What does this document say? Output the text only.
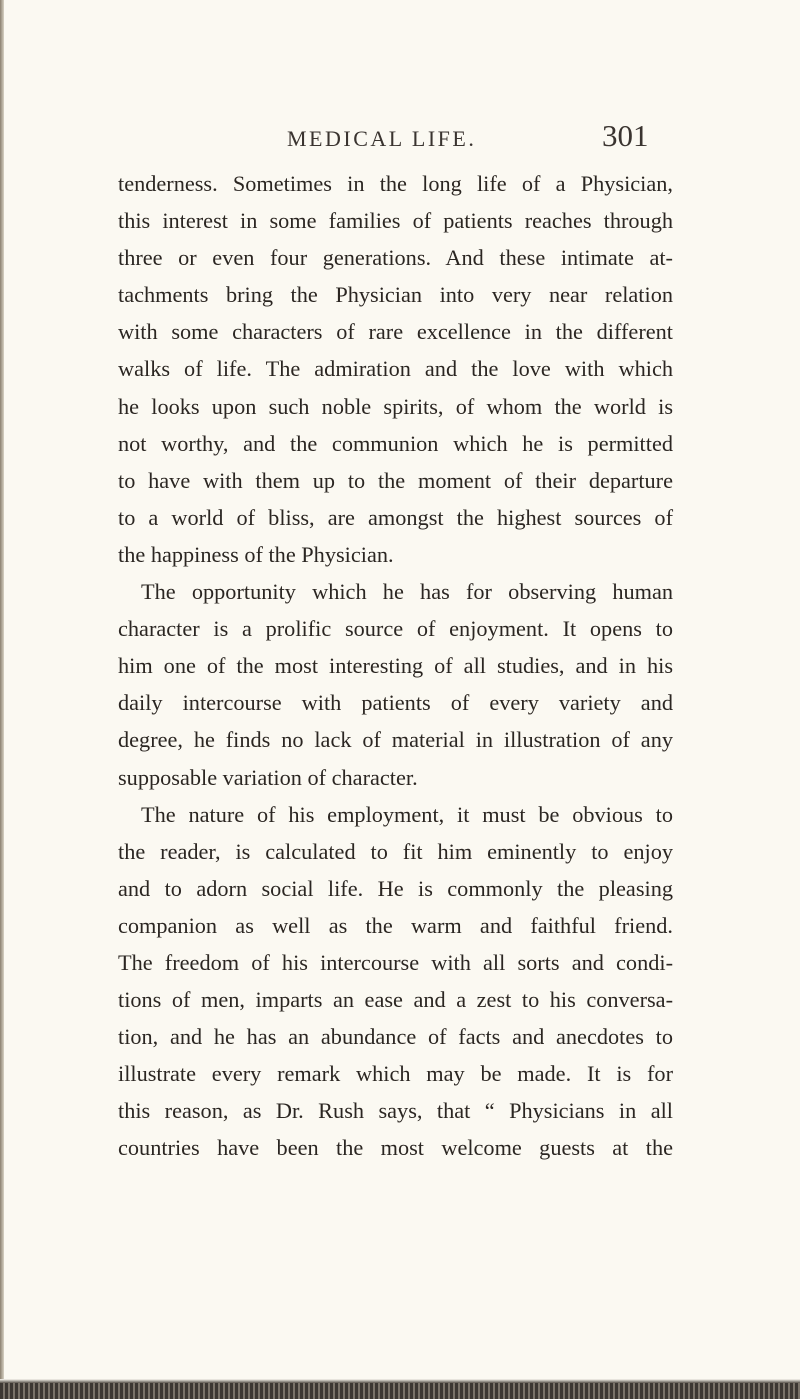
MEDICAL LIFE.	301
tenderness. Sometimes in the long life of a Physician,
this interest in some families of patients reaches through
three or even four generations. And these intimate at-
tachments bring the Physician into very near relation
with some characters of rare excellence in the different
walks of life. The admiration and the love with which
he looks upon such noble spirits, of whom the world is
not worthy, and the communion which he is permitted
to have with them up to the moment of their departure
to a world of bliss, are amongst the highest sources of
the happiness of the Physician.
The opportunity which he has for observing human
character is a prolific source of enjoyment. It opens to
him one of the most interesting of all studies, and in his
daily intercourse with patients of every variety and
degree, he finds no lack of material in illustration of any
supposable variation of character.
The nature of his employment, it must be obvious to
the reader, is calculated to fit him eminently to enjoy
and to adorn social life. He is commonly the pleasing
companion as well as the warm and faithful friend.
The freedom of his intercourse with all sorts and condi-
tions of men, imparts an ease and a zest to his conversa-
tion, and he has an abundance of facts and anecdotes to
illustrate every remark which may be made. It is for
this reason, as Dr. Rush says, that “ Physicians in all
countries have been the most welcome guests at the
